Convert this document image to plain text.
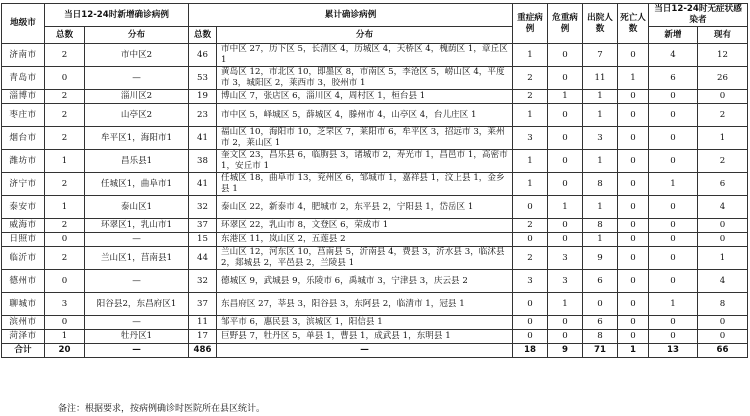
地级市	当日12-24时新增确诊病例		累计确诊病例		重症病例	危重病例	出院人数	死亡人数	当日12-24时无症状感染者	
	总数	分布	总数	分布					新增	现有
济南市	2	市中区2	46	市中区 27，历下区 5，长清区 4，历城区 4，天桥区 4，槐荫区 1，章丘区 1	1	0	7	0	4	12
青岛市	0	—	53	黄岛区 12，市北区 10，即墨区 8，市南区 5，李沧区 5，崂山区 4，平度市 3，城阳区 2，莱西市 3，胶州市 1	2	0	11	1	6	26
淄博市	2	淄川区2	19	博山区 7，张店区 6，淄川区 4，周村区 1，桓台县 1	2	1	1	0	0	0
枣庄市	2	山亭区2	23	市中区 5，峄城区 5，薛城区 4，滕州市 4，山亭区 4，台儿庄区 1	1	0	1	0	0	2
烟台市	2	牟平区1，海阳市1	41	福山区 10，海阳市 10，芝罘区 7，莱阳市 6，牟平区 3，招远市 3，莱州市 2，莱山区 1	3	0	3	0	0	1
潍坊市	1	昌乐县1	38	奎文区 23，昌乐县 6，临朐县 3，诸城市 2，寿光市 1，昌邑市 1，高密市 1，安丘市 1	1	0	1	0	0	2
济宁市	2	任城区1，曲阜市1	41	任城区 18，曲阜市 13，兖州区 6，邹城市 1，嘉祥县 1，汶上县 1，金乡县 1	1	0	8	0	1	6
泰安市	1	泰山区1	32	泰山区 22，新泰市 4，肥城市 2，东平县 2，宁阳县 1，岱岳区 1	0	1	1	0	0	4
威海市	2	环翠区1，乳山市1	37	环翠区 22，乳山市 8，文登区 6，荣成市 1	2	0	8	0	0	0
日照市	0	—	15	东港区 11，岚山区 2，五莲县 2	0	0	1	0	0	0
临沂市	2	兰山区1，莒南县1	44	兰山区 12，河东区 10，莒南县 5，沂南县 4，费县 3，沂水县 3，临沭县 2，郯城县 2，平邑县 2，兰陵县 1	2	3	9	0	0	1
德州市	0	—	32	德城区 9，武城县 9，乐陵市 6，禹城市 3，宁津县 3，庆云县 2	3	3	6	0	0	4
聊城市	3	阳谷县2，东昌府区1	37	东昌府区 27，莘县 3，阳谷县 3，东阿县 2，临清市 1，冠县 1	0	1	0	0	1	8
滨州市	0	—	11	邹平市 6，惠民县 3，滨城区 1，阳信县 1	0	0	6	0	0	0
菏泽市	1	牡丹区1	17	巨野县 7，牡丹区 5，单县 1，曹县 1，成武县 1，东明县 1	0	0	8	0	0	0
合计	20	—	486	—	18	9	71	1	13	66
备注：根据要求，按病例确诊时医院所在县区统计。
